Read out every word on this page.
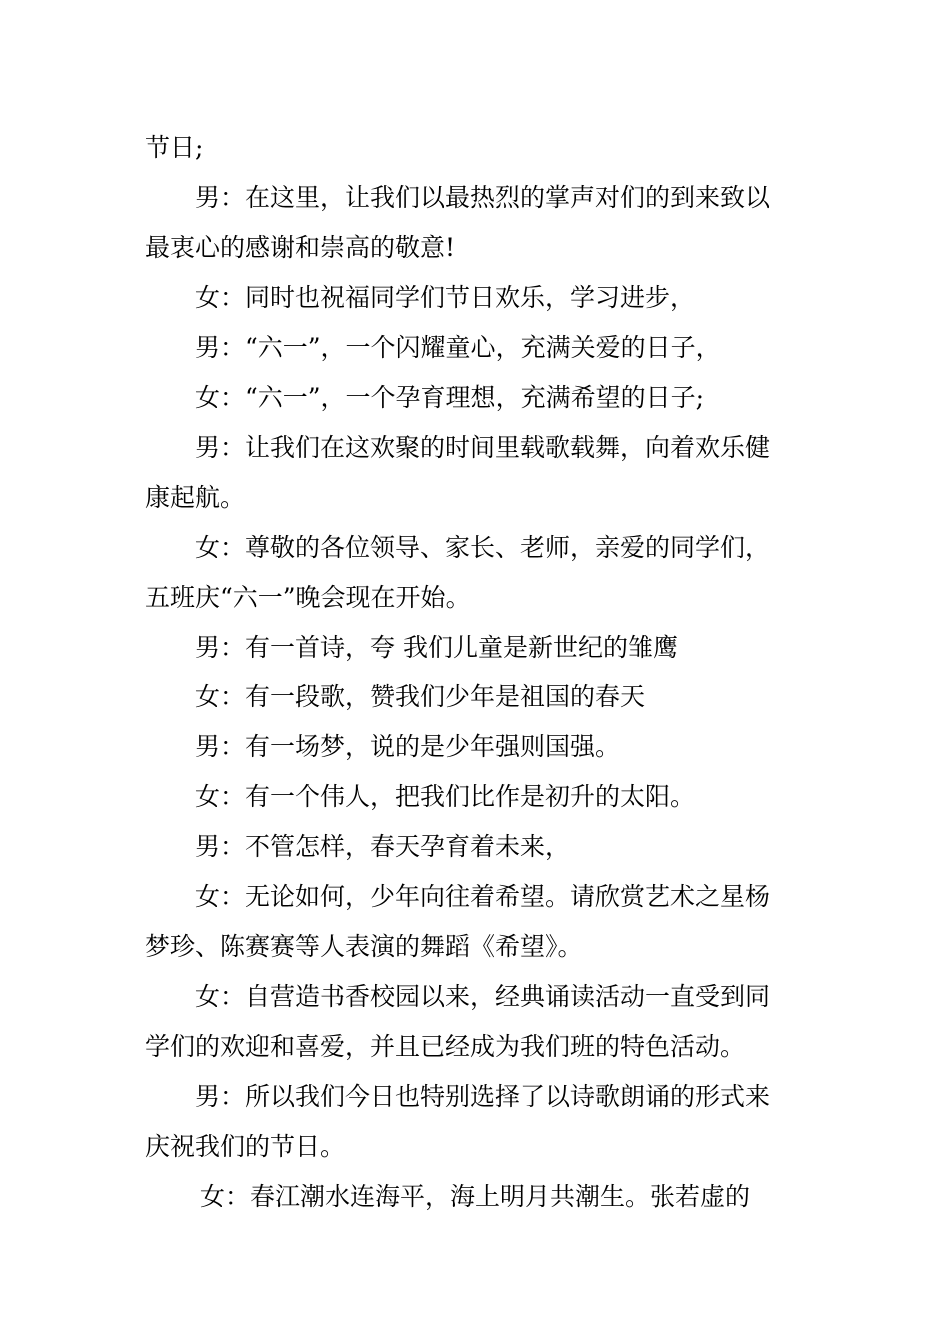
节日;
男：在这里，让我们以最热烈的掌声对们的到来致以
最衷心的感谢和崇高的敬意!
女：同时也祝福同学们节日欢乐，学习进步，
男：“六一”，一个闪耀童心，充满关爱的日子，
女：“六一”，一个孕育理想，充满希望的日子;
男：让我们在这欢聚的时间里载歌载舞，向着欢乐健
康起航。
女：尊敬的各位领导、家长、老师，亲爱的同学们，
五班庆“六一”晚会现在开始。
男：有一首诗，夸 我们儿童是新世纪的雏鹰
女：有一段歌，赞我们少年是祖国的春天
男：有一场梦，说的是少年强则国强。
女：有一个伟人，把我们比作是初升的太阳。
男：不管怎样，春天孕育着未来，
女：无论如何，少年向往着希望。请欣赏艺术之星杨
梦珍、陈赛赛等人表演的舞蹈《希望》。
女：自营造书香校园以来，经典诵读活动一直受到同
学们的欢迎和喜爱，并且已经成为我们班的特色活动。
男：所以我们今日也特别选择了以诗歌朗诵的形式来
庆祝我们的节日。
女：春江潮水连海平，海上明月共潮生。张若虚的
